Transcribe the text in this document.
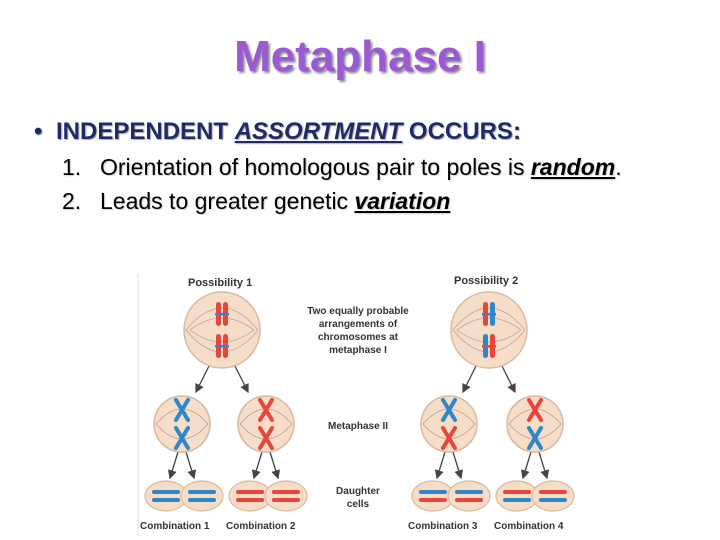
Metaphase I
• INDEPENDENT ASSORTMENT OCCURS:
1. Orientation of homologous pair to poles is random.
2. Leads to greater genetic variation
Possibility 1	Possibility 2
Two equally probable
arrangements of
chromosomes at
metaphase I
Metaphase II
Daughter
cells
Combination 1 Combination 2	Combination 3 Combination 4
